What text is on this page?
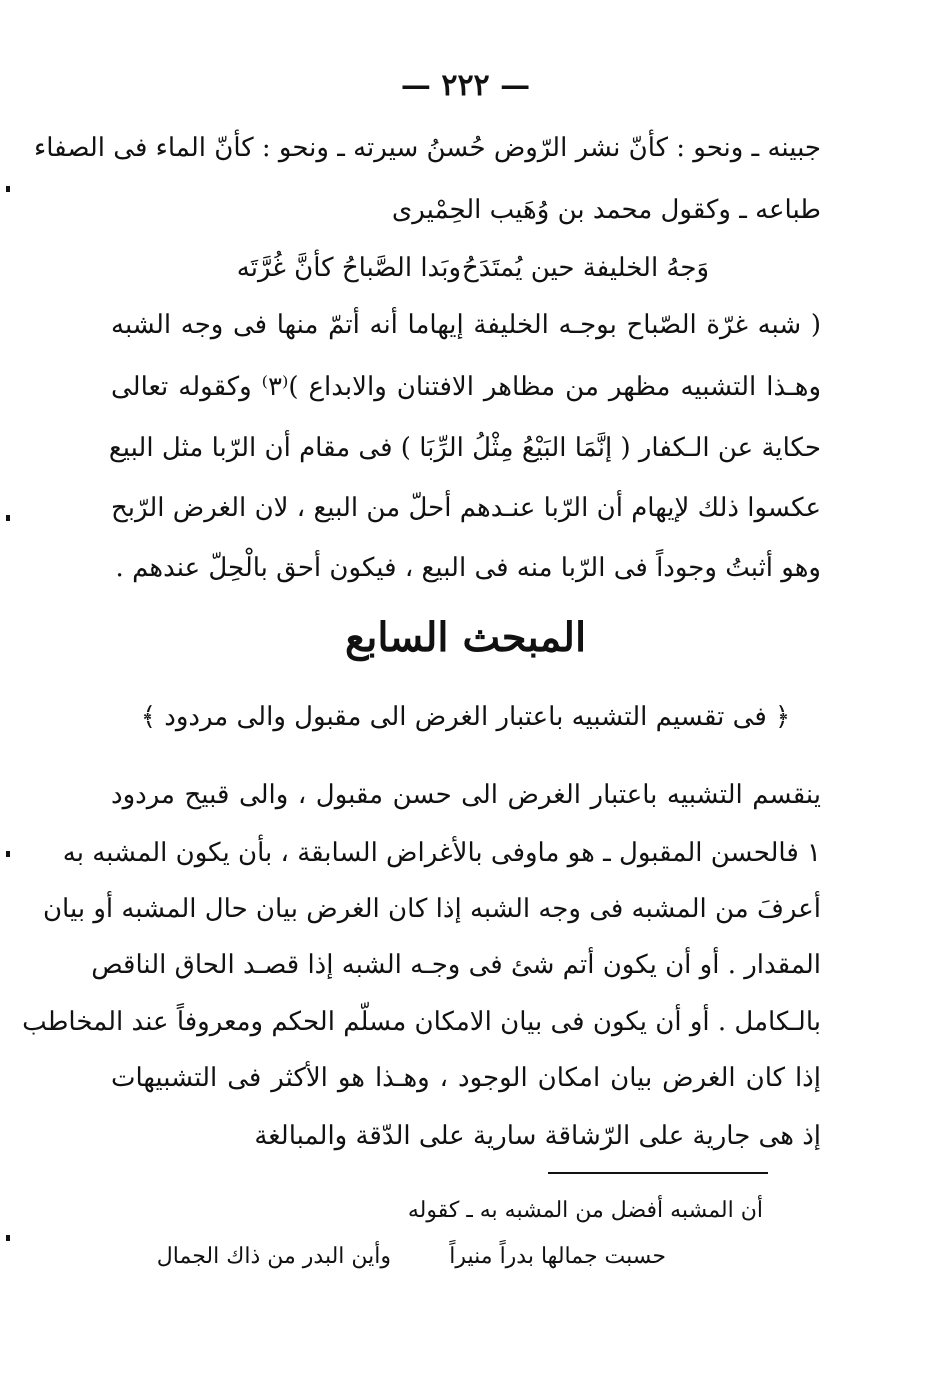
— ٢٢٢ —
جبينه ـ ونحو : كأنّ نشر الرّوض حُسنُ سيرته ـ ونحو : كأنّ الماء فى الصفاء
طباعه ـ وكقول محمد بن وُهَيب الحِمْيرى
وبَدا الصَّباحُ كأنَّ غُرَّتَه وَجهُ الخليفة حين يُمتَدَحُ
( شبه غرّة الصّباح بوجـه الخليفة إيهاما أنه أتمّ منها فى وجه الشبه
وهـذا التشبيه مظهر من مظاهر الافتنان والابداع )⁽٣⁾ وكقوله تعالى
حكاية عن الـكفار ( إنَّمَا البَيْعُ مِثْلُ الرِّبَا ) فى مقام أن الرّبا مثل البيع
عكسوا ذلك لإيهام أن الرّبا عنـدهم أحلّ من البيع ، لان الغرض الرّبح
وهو أثبتُ وجوداً فى الرّبا منه فى البيع ، فيكون أحق بالْحِلّ عندهم .
المبحث السابع
﴿ فى تقسيم التشبيه باعتبار الغرض الى مقبول والى مردود ﴾
ينقسم التشبيه باعتبار الغرض الى حسن مقبول ، والى قبيح مردود
١ فالحسن المقبول ـ هو ماوفى بالأغراض السابقة ، بأن يكون المشبه به
أعرفَ من المشبه فى وجه الشبه إذا كان الغرض بيان حال المشبه أو بيان
المقدار . أو أن يكون أتم شئ فى وجـه الشبه إذا قصـد الحاق الناقص
بالـكامل . أو أن يكون فى بيان الامكان مسلّم الحكم ومعروفاً عند المخاطب
إذا كان الغرض بيان امكان الوجود ، وهـذا هو الأكثر فى التشبيهات
إذ هى جارية على الرّشاقة سارية على الدّقة والمبالغة
أن المشبه أفضل من المشبه به ـ كقوله
حسبت جمالها بدراً منيراً
وأين البدر من ذاك الجمال
